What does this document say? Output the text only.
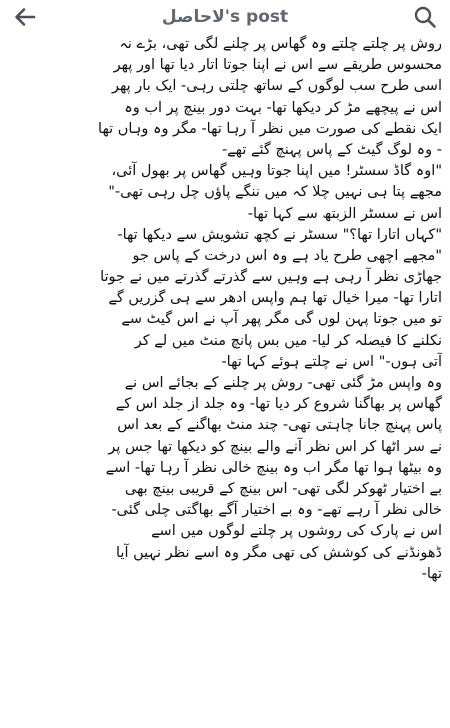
لاحاصل's post
روش پر چلتے چلتے وہ گھاس پر چلنے لگی تھی، بڑے نہ
محسوس طریقے سے اس نے اپنا جوتا اتار دیا تھا اور پھر
اسی طرح سب لوگوں کے ساتھ چلتی رہی- ایک بار پھر
اس نے پیچھے مڑ کر دیکھا تھا- بہت دور بینچ پر اب وہ
ایک نقطے کی صورت میں نظر آ رہا تھا- مگر وہ وہاں تھا
- وہ لوگ گیٹ کے پاس پہنچ گئے تھے-
"اوہ گاڈ سسٹر! میں اپنا جوتا وہیں گھاس پر بھول آئی،
مجھے پتا ہی نہیں چلا کہ میں ننگے پاؤں چل رہی تھی-"
اس نے سسٹر الزبتھ سے کہا تھا-
"کہاں اتارا تھا؟" سسٹر نے کچھ تشویش سے دیکھا تھا-
"مجھے اچھی طرح یاد ہے وہ اس درخت کے پاس جو
جھاڑی نظر آ رہی ہے وہیں سے گذرتے گذرتے میں نے جوتا
اتارا تھا- میرا خیال تھا ہم واپس ادھر سے ہی گزریں گے
تو میں جوتا پہن لوں گی مگر پھر آپ نے اس گیٹ سے
نکلنے کا فیصلہ کر لیا- میں بس پانچ منٹ میں لے کر
آتی ہوں-" اس نے چلتے ہوئے کہا تھا-
وہ واپس مڑ گئی تھی- روش پر چلنے کے بجائے اس نے
گھاس پر بھاگنا شروع کر دیا تھا- وہ جلد از جلد اس کے
پاس پہنچ جانا چاہتی تھی- چند منٹ بھاگنے کے بعد اس
نے سر اٹھا کر اس نظر آنے والے بینچ کو دیکھا تھا جس پر
وہ بیٹھا ہوا تھا مگر اب وہ بینچ خالی نظر آ رہا تھا- اسے
بے اختیار ٹھوکر لگی تھی- اس بینچ کے قریبی بینچ بھی
خالی نظر آ رہے تھے- وہ بے اختیار آگے بھاگتی چلی گئی-
اس نے پارک کی روشوں پر چلتے لوگوں میں اسے
ڈھونڈنے کی کوشش کی تھی مگر وہ اسے نظر نہیں آیا
تھا-
